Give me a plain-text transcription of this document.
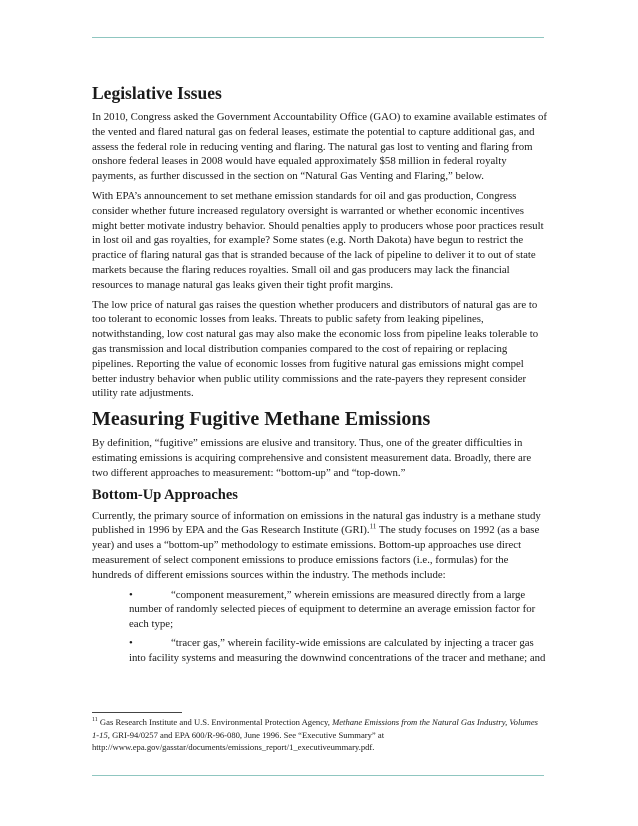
Legislative Issues

In 2010, Congress asked the Government Accountability Office (GAO) to examine available estimates of the vented and flared natural gas on federal leases, estimate the potential to capture additional gas, and assess the federal role in reducing venting and flaring. The natural gas lost to venting and flaring from onshore federal leases in 2008 would have equaled approximately $58 million in federal royalty payments, as further discussed in the section on “Natural Gas Venting and Flaring,” below.

With EPA’s announcement to set methane emission standards for oil and gas production, Congress consider whether future increased regulatory oversight is warranted or whether economic incentives might better motivate industry behavior. Should penalties apply to producers whose poor practices result in lost oil and gas royalties, for example? Some states (e.g. North Dakota) have begun to restrict the practice of flaring natural gas that is stranded because of the lack of pipeline to deliver it to out of state markets because the flaring reduces royalties. Small oil and gas producers may lack the financial resources to manage natural gas leaks given their tight profit margins.

The low price of natural gas raises the question whether producers and distributors of natural gas are to too tolerant to economic losses from leaks. Threats to public safety from leaking pipelines, notwithstanding, low cost natural gas may also make the economic loss from pipeline leaks tolerable to gas transmission and local distribution companies compared to the cost of repairing or replacing pipelines. Reporting the value of economic losses from fugitive natural gas emissions might compel better industry behavior when public utility commissions and the rate-payers they represent consider utility rate adjustments.

Measuring Fugitive Methane Emissions

By definition, “fugitive” emissions are elusive and transitory. Thus, one of the greater difficulties in estimating emissions is acquiring comprehensive and consistent measurement data. Broadly, there are two different approaches to measurement: “bottom-up” and “top-down.”

Bottom-Up Approaches

Currently, the primary source of information on emissions in the natural gas industry is a methane study published in 1996 by EPA and the Gas Research Institute (GRI).$^{11}$ The study focuses on 1992 (as a base year) and uses a “bottom-up” methodology to estimate emissions. Bottom-up approaches use direct measurement of select component emissions to produce emissions factors (i.e., formulas) for the hundreds of different emissions sources within the industry. The methods include:

•	“component measurement,” wherein emissions are measured directly from a large number of randomly selected pieces of equipment to determine an average emission factor for each type;
•	“tracer gas,” wherein facility-wide emissions are calculated by injecting a tracer gas into facility systems and measuring the downwind concentrations of the tracer and methane; and

$^{11}$ Gas Research Institute and U.S. Environmental Protection Agency, Methane Emissions from the Natural Gas Industry, Volumes 1-15, GRI-94/0257 and EPA 600/R-96-080, June 1996. See “Executive Summary” at http://www.epa.gov/gasstar/documents/emissions_report/1_executiveummary.pdf.
